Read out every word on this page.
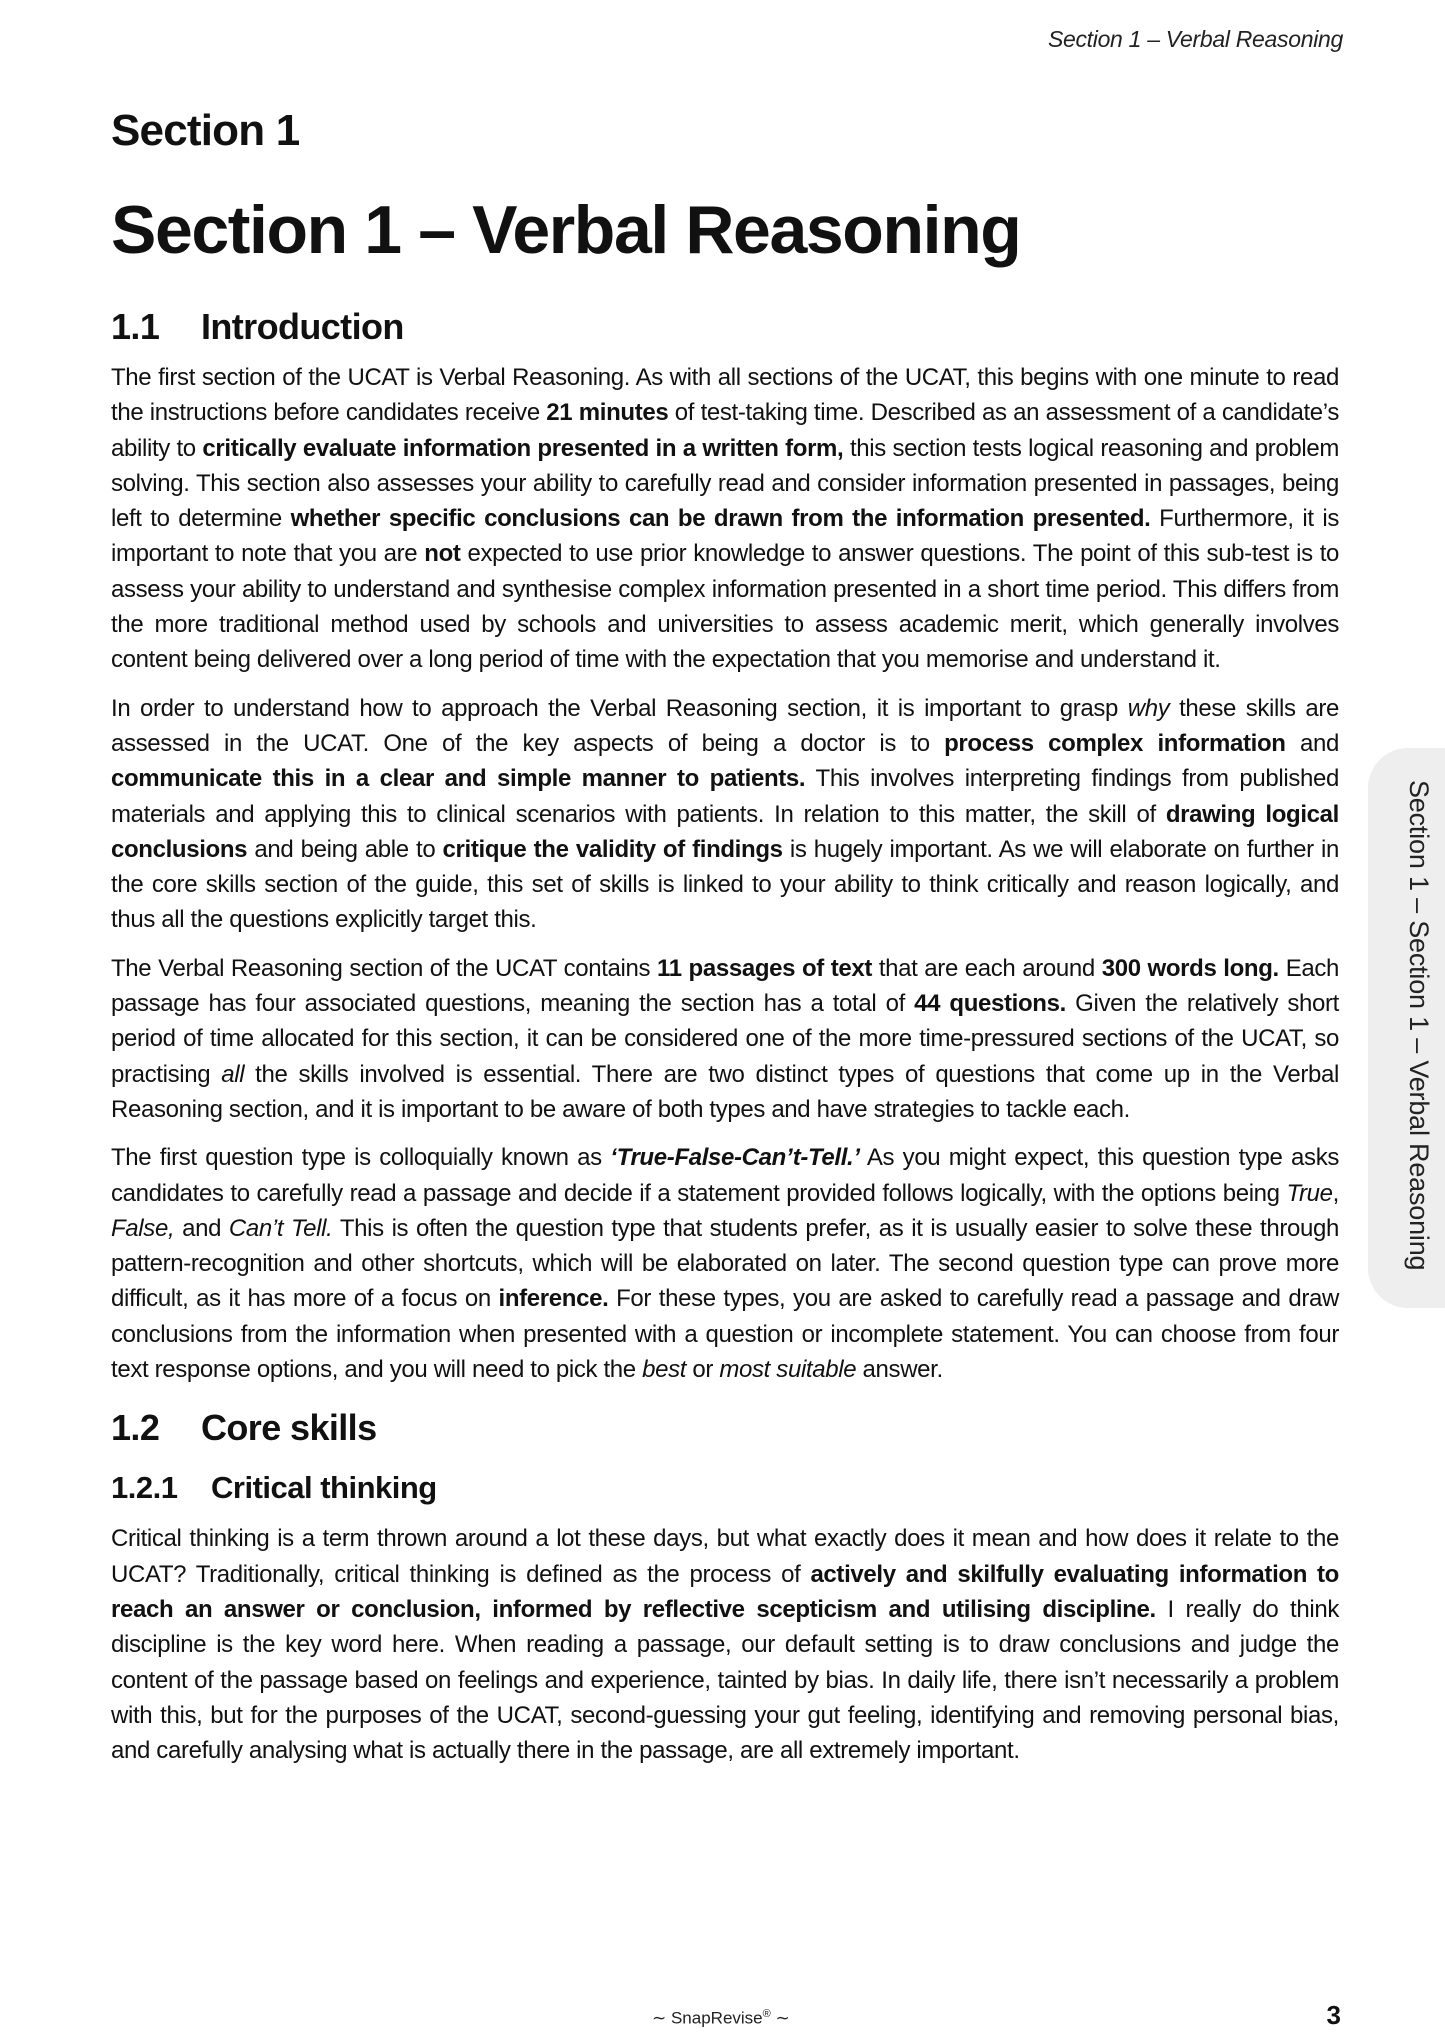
Section 1 – Verbal Reasoning
Section 1
Section 1 – Verbal Reasoning
1.1 Introduction

The first section of the UCAT is Verbal Reasoning. As with all sections of the UCAT, this begins with one minute to read the instructions before candidates receive 21 minutes of test-taking time. Described as an assessment of a candidate’s ability to critically evaluate information presented in a written form, this section tests logical reasoning and problem solving. This section also assesses your ability to carefully read and consider information presented in passages, being left to determine whether specific conclusions can be drawn from the information presented. Furthermore, it is important to note that you are not expected to use prior knowledge to answer questions. The point of this sub-test is to assess your ability to understand and synthesise complex information presented in a short time period. This differs from the more traditional method used by schools and universities to assess academic merit, which generally involves content being delivered over a long period of time with the expectation that you memorise and understand it.

In order to understand how to approach the Verbal Reasoning section, it is important to grasp why these skills are assessed in the UCAT. One of the key aspects of being a doctor is to process complex information and communicate this in a clear and simple manner to patients. This involves interpreting findings from published materials and applying this to clinical scenarios with patients. In relation to this matter, the skill of drawing logical conclusions and being able to critique the validity of findings is hugely important. As we will elaborate on further in the core skills section of the guide, this set of skills is linked to your ability to think critically and reason logically, and thus all the questions explicitly target this.

The Verbal Reasoning section of the UCAT contains 11 passages of text that are each around 300 words long. Each passage has four associated questions, meaning the section has a total of 44 questions. Given the relatively short period of time allocated for this section, it can be considered one of the more time-pressured sections of the UCAT, so practising all the skills involved is essential. There are two distinct types of questions that come up in the Verbal Reasoning section, and it is important to be aware of both types and have strategies to tackle each.

The first question type is colloquially known as ‘True-False-Can’t-Tell.’ As you might expect, this question type asks candidates to carefully read a passage and decide if a statement provided follows logically, with the options being True, False, and Can’t Tell. This is often the question type that students prefer, as it is usually easier to solve these through pattern-recognition and other shortcuts, which will be elaborated on later. The second question type can prove more difficult, as it has more of a focus on inference. For these types, you are asked to carefully read a passage and draw conclusions from the information when presented with a question or incomplete statement. You can choose from four text response options, and you will need to pick the best or most suitable answer.

1.2 Core skills
1.2.1 Critical thinking

Critical thinking is a term thrown around a lot these days, but what exactly does it mean and how does it relate to the UCAT? Traditionally, critical thinking is defined as the process of actively and skilfully evaluating information to reach an answer or conclusion, informed by reflective scepticism and utilising discipline. I really do think discipline is the key word here. When reading a passage, our default setting is to draw conclusions and judge the content of the passage based on feelings and experience, tainted by bias. In daily life, there isn’t necessarily a problem with this, but for the purposes of the UCAT, second-guessing your gut feeling, identifying and removing personal bias, and carefully analysing what is actually there in the passage, are all extremely important.

Section 1 – Section 1 – Verbal Reasoning
∼ SnapRevise® ∼	3
